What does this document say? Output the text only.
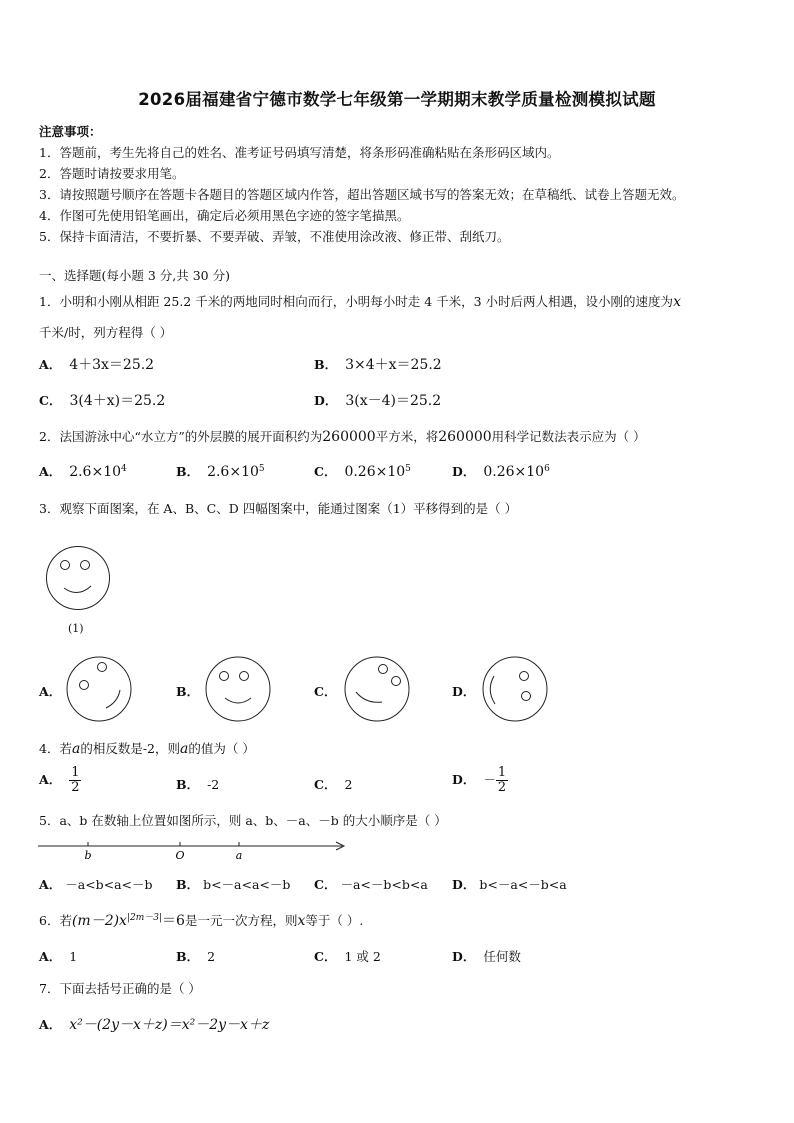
2026届福建省宁德市数学七年级第一学期期末教学质量检测模拟试题
注意事项：
1．答题前，考生先将自己的姓名、准考证号码填写清楚，将条形码准确粘贴在条形码区域内。
2．答题时请按要求用笔。
3．请按照题号顺序在答题卡各题目的答题区域内作答，超出答题区域书写的答案无效；在草稿纸、试卷上答题无效。
4．作图可先使用铅笔画出，确定后必须用黑色字迹的签字笔描黑。
5．保持卡面清洁，不要折暴、不要弄破、弄皱，不准使用涂改液、修正带、刮纸刀。
一、选择题(每小题 3 分,共 30 分)
1．小明和小刚从相距 25.2 千米的两地同时相向而行，小明每小时走 4 千米，3 小时后两人相遇，设小刚的速度为x
千米/时，列方程得（ ）
A． 4＋3x＝25.2	B． 3×4＋x＝25.2
C． 3(4＋x)＝25.2	D． 3(x－4)＝25.2
2．法国游泳中心“水立方”的外层膜的展开面积约为260000平方米，将260000用科学记数法表示应为（ ）
A． $2.6\times 10^4$	B． $2.6\times 10^5$	C． $0.26\times 10^5$	D． $0.26\times 10^6$
3．观察下面图案，在 A、B、C、D 四幅图案中，能通过图案（1）平移得到的是（ ）
(1)
A．	B．	C．	D．
4．若a的相反数是-2，则a的值为（ ）
A． $\frac{1}{2}$	B． -2	C． 2	D． － $\frac{1}{2}$
5．a、b 在数轴上位置如图所示，则 a、b、－a、－b 的大小顺序是（ ）
b	O	a
A． －a<b<a<－b B． b<－a<a<－b C． －a<－b<b<a D． b<－a<－b<a
6．若$(m-2)x^{|2m-3|}=6$是一元一次方程，则x等于（ ）.
A． 1	B． 2	C． 1 或 2	D． 任何数
7．下面去括号正确的是（ ）
A． x²－(2y－x＋z)＝x²－2y－x＋z
